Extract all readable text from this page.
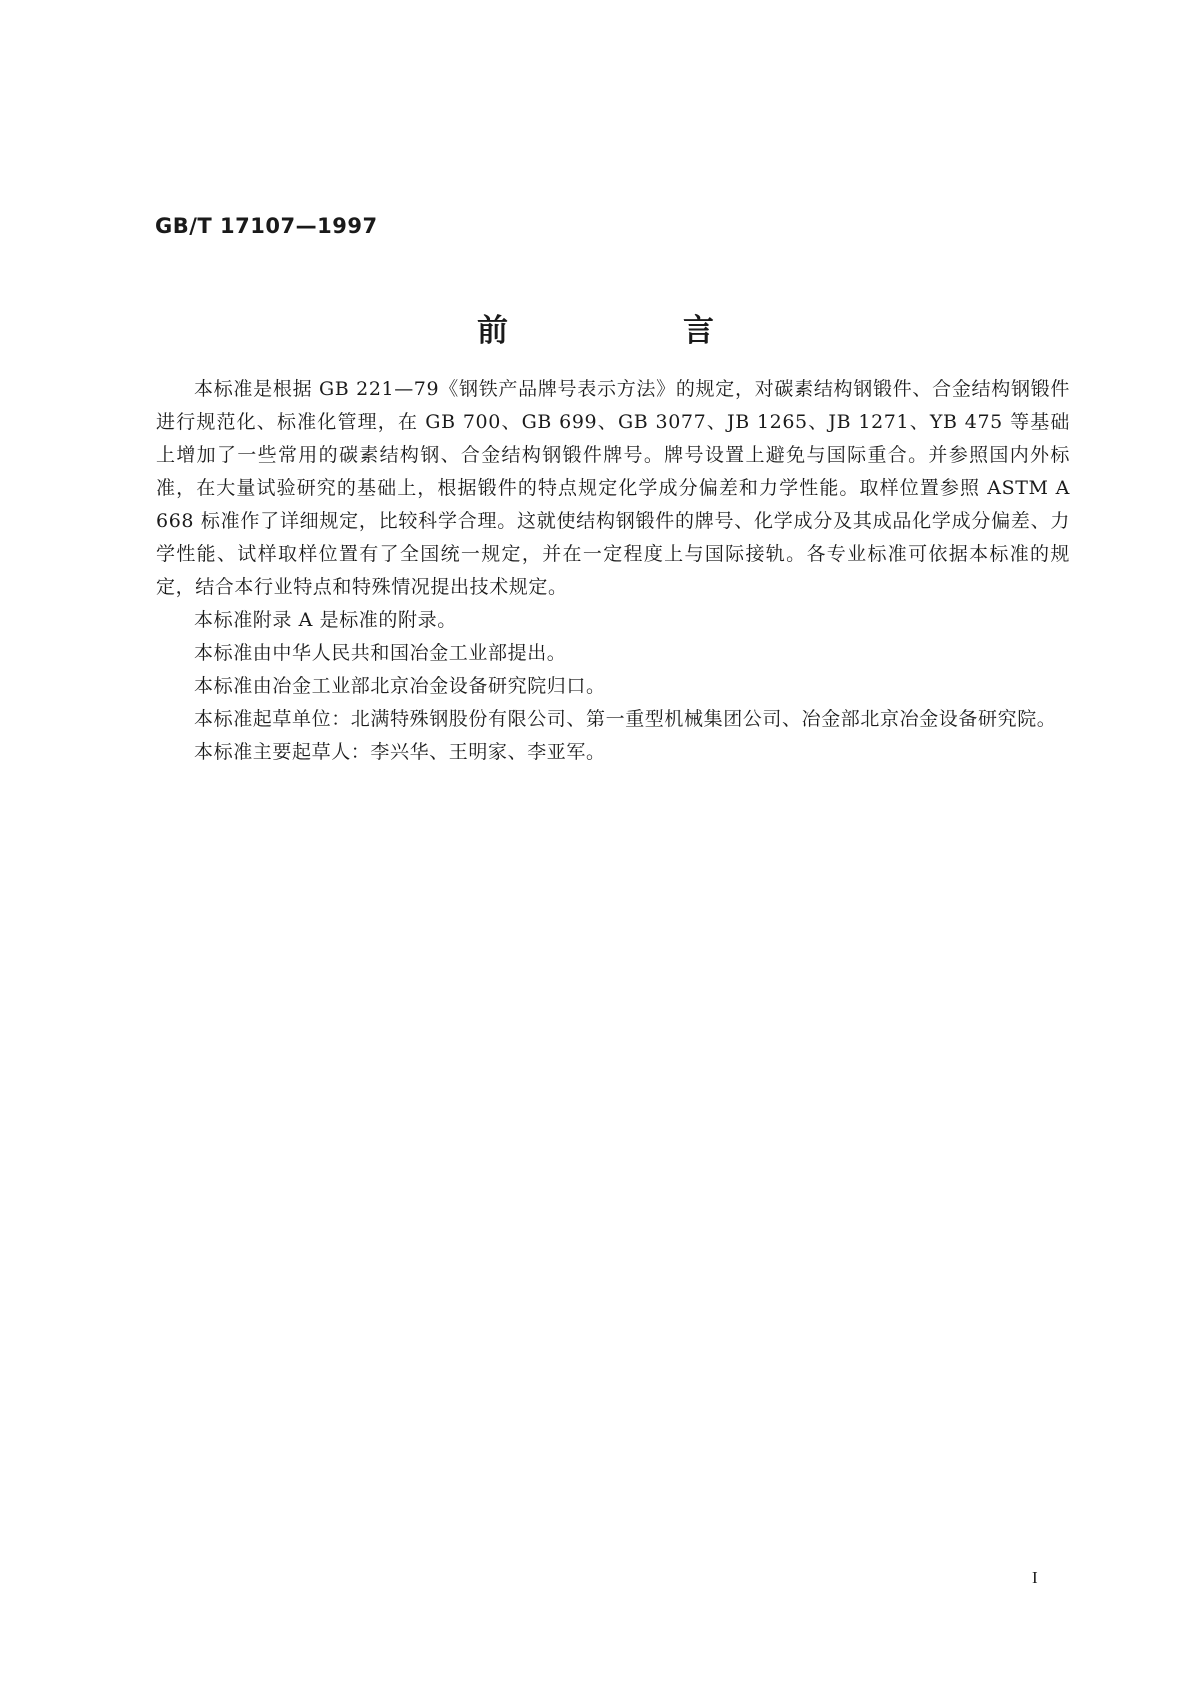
GB/T 17107—1997
前　言

本标准是根据 GB 221—79《钢铁产品牌号表示方法》的规定，对碳素结构钢锻件、合金结构钢锻件进行规范化、标准化管理，在 GB 700、GB 699、GB 3077、JB 1265、JB 1271、YB 475 等基础上增加了一些常用的碳素结构钢、合金结构钢锻件牌号。牌号设置上避免与国际重合。并参照国内外标准，在大量试验研究的基础上，根据锻件的特点规定化学成分偏差和力学性能。取样位置参照 ASTM A 668 标准作了详细规定，比较科学合理。这就使结构钢锻件的牌号、化学成分及其成品化学成分偏差、力学性能、试样取样位置有了全国统一规定，并在一定程度上与国际接轨。各专业标准可依据本标准的规定，结合本行业特点和特殊情况提出技术规定。

本标准附录 A 是标准的附录。

本标准由中华人民共和国冶金工业部提出。

本标准由冶金工业部北京冶金设备研究院归口。

本标准起草单位：北满特殊钢股份有限公司、第一重型机械集团公司、冶金部北京冶金设备研究院。

本标准主要起草人：李兴华、王明家、李亚军。

I
